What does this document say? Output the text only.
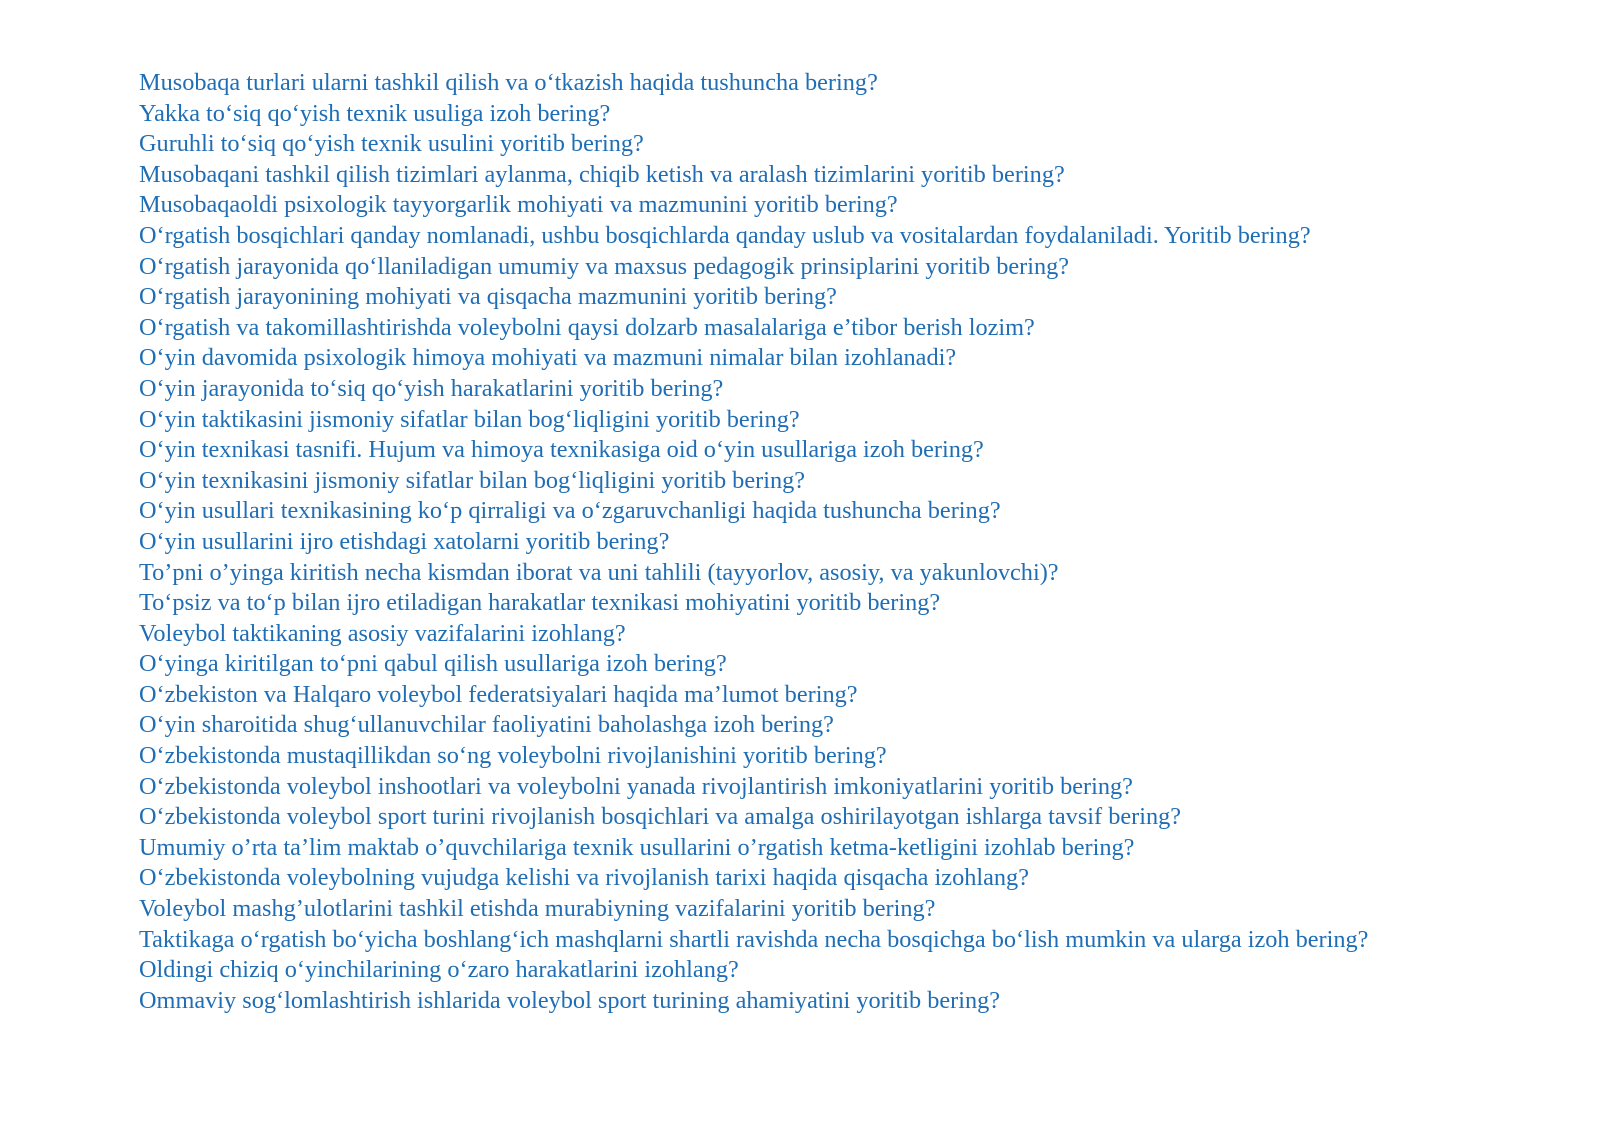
Musobaqa turlari ularni tashkil qilish va o‘tkazish haqida tushuncha bering?
Yakka to‘siq qo‘yish texnik usuliga izoh bering?
Guruhli to‘siq qo‘yish texnik usulini yoritib bering?
Musobaqani tashkil qilish tizimlari aylanma, chiqib ketish va aralash tizimlarini yoritib bering?
Musobaqaoldi psixologik tayyorgarlik mohiyati va mazmunini yoritib bering?
O‘rgatish bosqichlari qanday nomlanadi, ushbu bosqichlarda qanday uslub va vositalardan foydalaniladi. Yoritib bering?
O‘rgatish jarayonida qo‘llaniladigan umumiy va maxsus pedagogik prinsiplarini yoritib bering?
O‘rgatish jarayonining mohiyati va qisqacha mazmunini yoritib bering?
O‘rgatish va takomillashtirishda voleybolni qaysi dolzarb masalalariga e’tibor berish lozim?
O‘yin davomida psixologik himoya mohiyati va mazmuni nimalar bilan izohlanadi?
O‘yin jarayonida to‘siq qo‘yish harakatlarini yoritib bering?
O‘yin taktikasini jismoniy sifatlar bilan bog‘liqligini yoritib bering?
O‘yin texnikasi tasnifi. Hujum va himoya texnikasiga oid o‘yin usullariga izoh bering?
O‘yin texnikasini jismoniy sifatlar bilan bog‘liqligini yoritib bering?
O‘yin usullari texnikasining ko‘p qirraligi va o‘zgaruvchanligi haqida tushuncha bering?
O‘yin usullarini ijro etishdagi xatolarni yoritib bering?
To’pni o’yinga kiritish necha kismdan iborat va uni tahlili (tayyorlov, asosiy, va yakunlovchi)?
To‘psiz va to‘p bilan ijro etiladigan harakatlar texnikasi mohiyatini yoritib bering?
Voleybol taktikaning asosiy vazifalarini izohlang?
O‘yinga kiritilgan to‘pni qabul qilish usullariga izoh bering?
O‘zbekiston va Halqaro voleybol federatsiyalari haqida ma’lumot bering?
O‘yin sharoitida shug‘ullanuvchilar faoliyatini baholashga izoh bering?
O‘zbekistonda mustaqillikdan so‘ng voleybolni rivojlanishini yoritib bering?
O‘zbekistonda voleybol inshootlari va voleybolni yanada rivojlantirish imkoniyatlarini yoritib bering?
O‘zbekistonda voleybol sport turini rivojlanish bosqichlari va amalga oshirilayotgan ishlarga tavsif bering?
Umumiy o’rta ta’lim maktab o’quvchilariga texnik usullarini o’rgatish ketma-ketligini izohlab bering?
O‘zbekistonda voleybolning vujudga kelishi va rivojlanish tarixi haqida qisqacha izohlang?
Voleybol mashg’ulotlarini tashkil etishda murabiyning vazifalarini yoritib bering?
Taktikaga o‘rgatish bo‘yicha boshlang‘ich mashqlarni shartli ravishda necha bosqichga bo‘lish mumkin va ularga izoh bering?
Oldingi chiziq o‘yinchilarining o‘zaro harakatlarini izohlang?
Ommaviy sog‘lomlashtirish ishlarida voleybol sport turining ahamiyatini yoritib bering?
